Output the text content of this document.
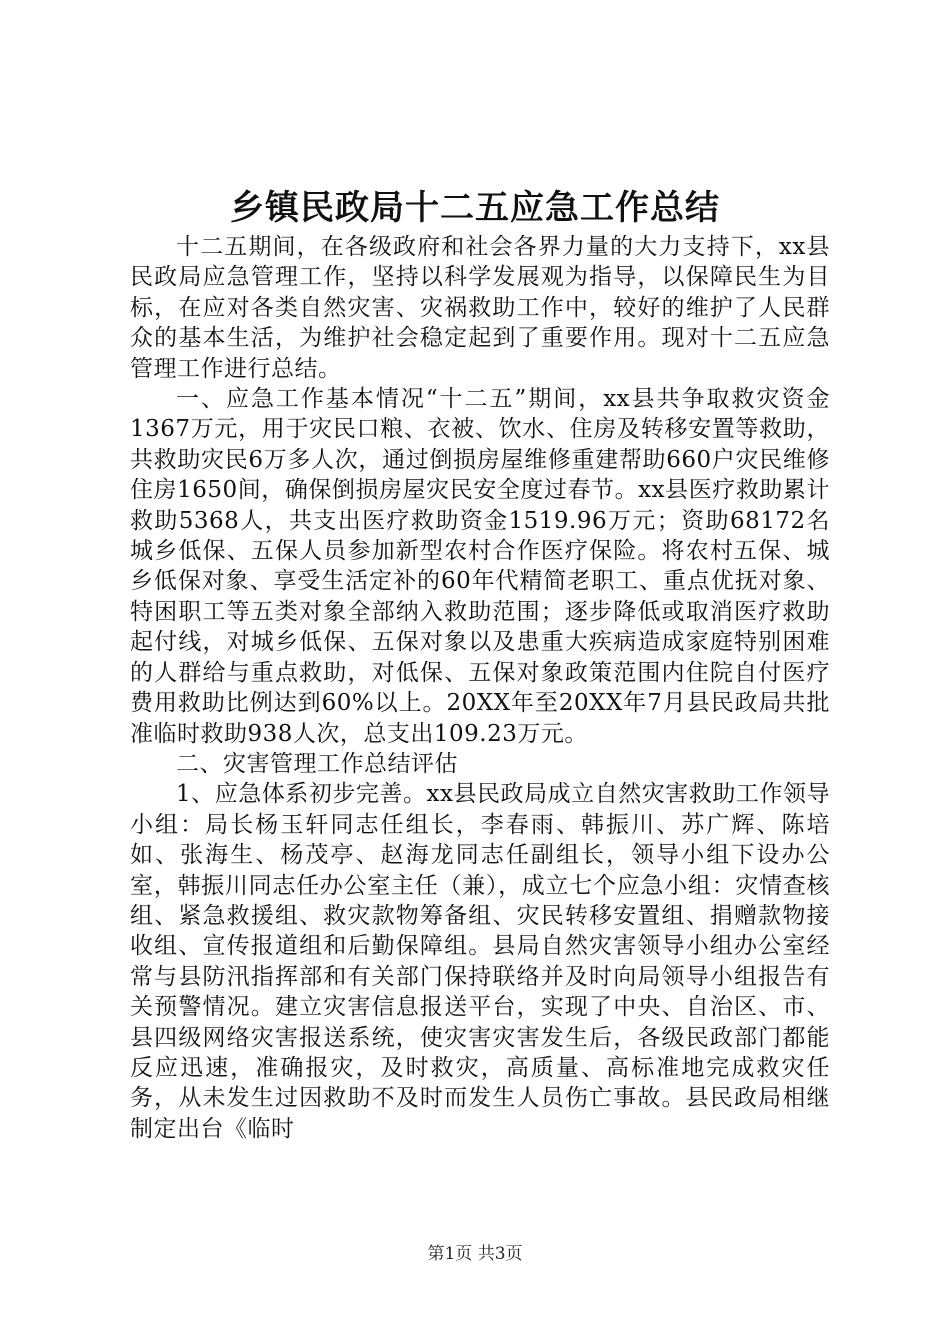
乡镇民政局十二五应急工作总结

十二五期间，在各级政府和社会各界力量的大力支持下，xx县民政局应急管理工作，坚持以科学发展观为指导，以保障民生为目标，在应对各类自然灾害、灾祸救助工作中，较好的维护了人民群众的基本生活，为维护社会稳定起到了重要作用。现对十二五应急管理工作进行总结。

一、应急工作基本情况“十二五”期间，xx县共争取救灾资金1367万元，用于灾民口粮、衣被、饮水、住房及转移安置等救助，共救助灾民6万多人次，通过倒损房屋维修重建帮助660户灾民维修住房1650间，确保倒损房屋灾民安全度过春节。xx县医疗救助累计救助5368人，共支出医疗救助资金1519.96万元；资助68172名城乡低保、五保人员参加新型农村合作医疗保险。将农村五保、城乡低保对象、享受生活定补的60年代精简老职工、重点优抚对象、特困职工等五类对象全部纳入救助范围；逐步降低或取消医疗救助起付线，对城乡低保、五保对象以及患重大疾病造成家庭特别困难的人群给与重点救助，对低保、五保对象政策范围内住院自付医疗费用救助比例达到60%以上。20XX年至20XX年7月县民政局共批准临时救助938人次，总支出109.23万元。

二、灾害管理工作总结评估

1、应急体系初步完善。xx县民政局成立自然灾害救助工作领导小组：局长杨玉轩同志任组长，李春雨、韩振川、苏广辉、陈培如、张海生、杨茂亭、赵海龙同志任副组长，领导小组下设办公室，韩振川同志任办公室主任（兼），成立七个应急小组：灾情查核组、紧急救援组、救灾款物筹备组、灾民转移安置组、捐赠款物接收组、宣传报道组和后勤保障组。县局自然灾害领导小组办公室经常与县防汛指挥部和有关部门保持联络并及时向局领导小组报告有关预警情况。建立灾害信息报送平台，实现了中央、自治区、市、县四级网络灾害报送系统，使灾害灾害发生后，各级民政部门都能反应迅速，准确报灾，及时救灾，高质量、高标准地完成救灾任务，从未发生过因救助不及时而发生人员伤亡事故。县民政局相继制定出台《临时

第1页 共3页
